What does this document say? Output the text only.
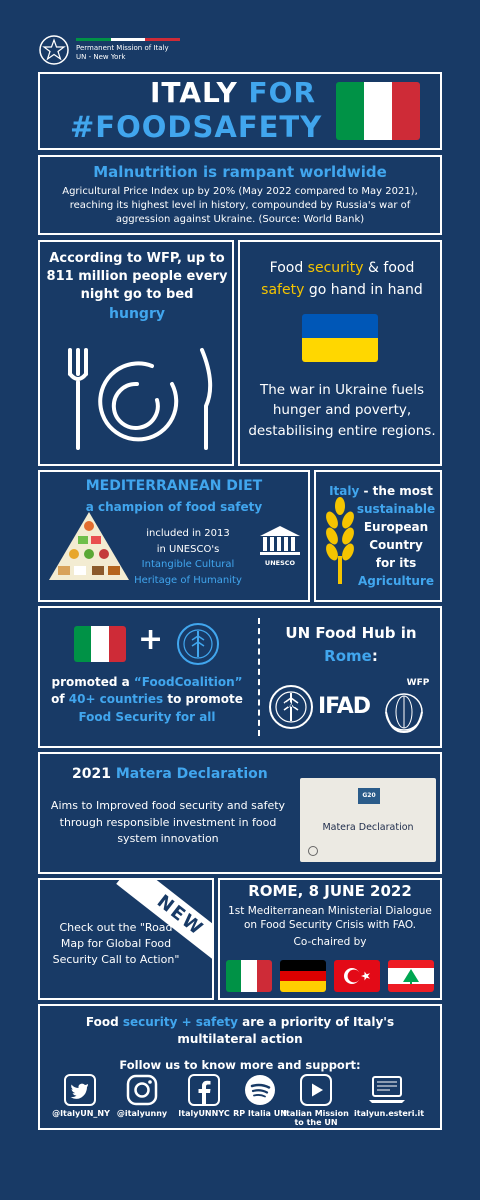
Permanent Mission of Italy
UN - New York
ITALY FOR
#FOODSAFETY
Malnutrition is rampant worldwide
Agricultural Price Index up by 20% (May 2022 compared to May 2021), reaching its highest level in history, compounded by Russia's war of aggression against Ukraine. (Source: World Bank)
According to WFP, up to 811 million people every night go to bed
hungry
Food security & food
safety go hand in hand
The war in Ukraine fuels hunger and poverty, destabilising entire regions.
MEDITERRANEAN DIET
a champion of food safety
included in 2013
in UNESCO's
Intangible Cultural
Heritage of Humanity
UNESCO
Italy - the most
sustainable
European
Country
for its
Agriculture
+
promoted a “FoodCoalition”
of 40+ countries to promote
Food Security for all
UN Food Hub in
Rome:
FAO IFAD
WFP
2021 Matera Declaration
Aims to Improved food security and safety through responsible investment in food system innovation
G20
Matera Declaration
NEW
Check out the "Road Map for Global Food Security Call to Action"
ROME, 8 JUNE 2022
1st Mediterranean Ministerial Dialogue on Food Security Crisis with FAO.
Co-chaired by
Food security + safety are a priority of Italy's
multilateral action
Follow us to know more and support:
@ItalyUN_NY @italyunny	ItalyUNNYC RP Italia UN
Italian Mission to the UN
italyun.esteri.it
